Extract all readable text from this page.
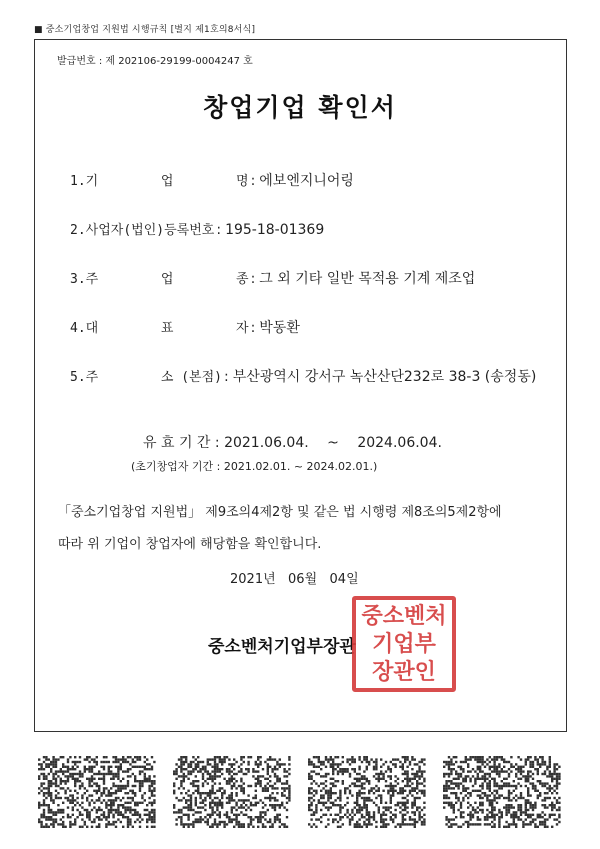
■ 중소기업창업 지원법 시행규칙 [별지 제1호의8서식]
발급번호 : 제 202106-29199-0004247 호
창업기업 확인서
1.기        업        명 : 에보엔지니어링
2.사업자(법인)등록번호 : 195-18-01369
3.주        업        종 : 그 외 기타 일반 목적용 기계 제조업
4.대        표        자 : 박동환
5.주        소 (본점) : 부산광역시 강서구 녹산산단232로 38-3 (송정동)
유 효 기 간 : 2021.06.04. ~ 2024.06.04.
(초기창업자 기간 : 2021.02.01. ~ 2024.02.01.)
「중소기업창업 지원법」 제9조의4제2항 및 같은 법 시행령 제8조의5제2항에
따라 위 기업이 창업자에 해당함을 확인합니다.
2021년   06월   04일
중소벤처기업부장관
중소벤처
기업부
장관인
